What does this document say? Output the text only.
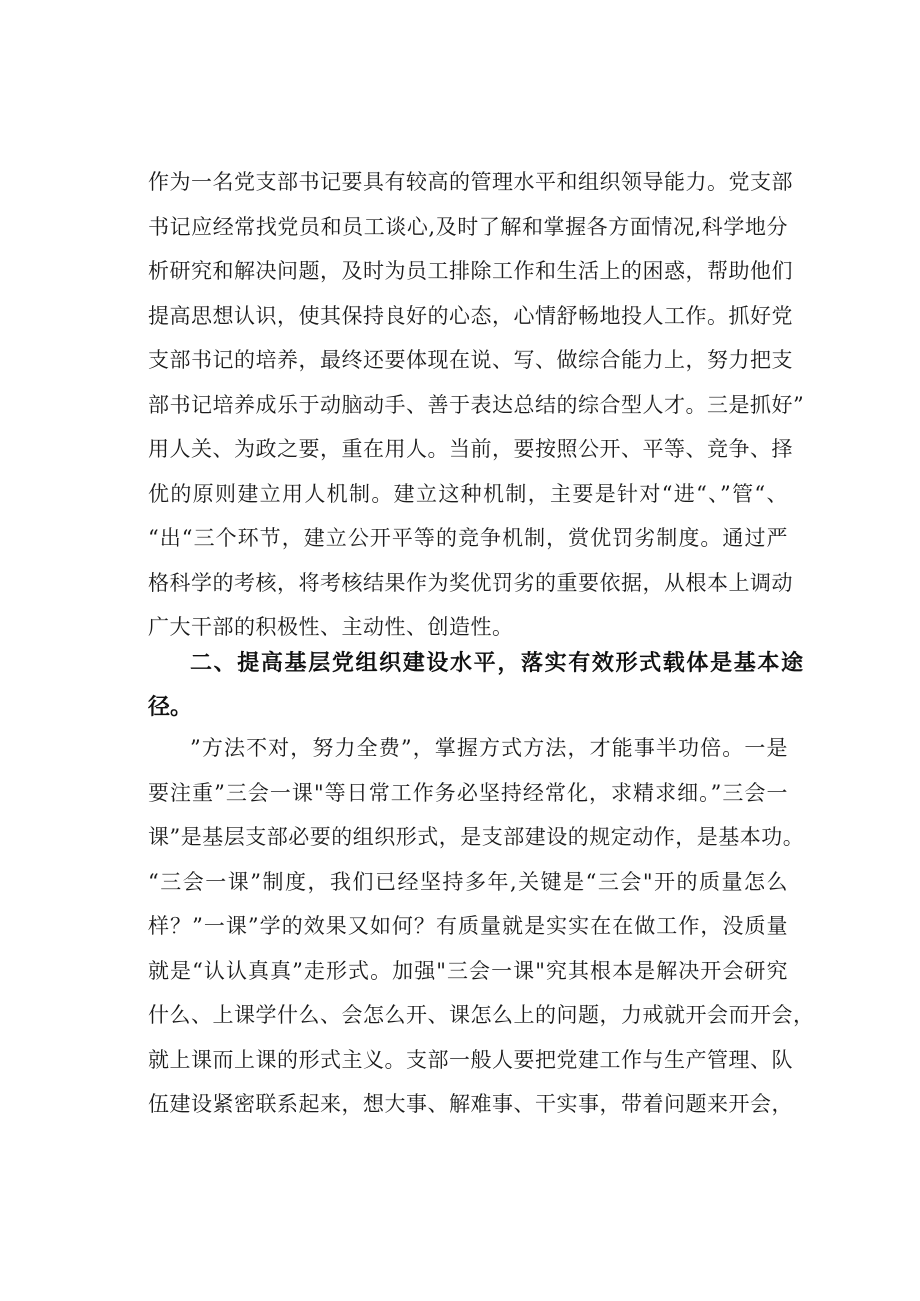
作为一名党支部书记要具有较高的管理水平和组织领导能力。党支部
书记应经常找党员和员工谈心,及时了解和掌握各方面情况,科学地分
析研究和解决问题，及时为员工排除工作和生活上的困惑，帮助他们
提高思想认识，使其保持良好的心态，心情舒畅地投人工作。抓好党
支部书记的培养，最终还要体现在说、写、做综合能力上，努力把支
部书记培养成乐于动脑动手、善于表达总结的综合型人才。三是抓好”
用人关、为政之要，重在用人。当前，要按照公开、平等、竞争、择
优的原则建立用人机制。建立这种机制，主要是针对“进“、”管“、
“出“三个环节，建立公开平等的竞争机制，赏优罚劣制度。通过严
格科学的考核，将考核结果作为奖优罚劣的重要依据，从根本上调动
广大干部的积极性、主动性、创造性。
二、提高基层党组织建设水平，落实有效形式载体是基本途
径。
”方法不对，努力全费”，掌握方式方法，才能事半功倍。一是
要注重”三会一课"等日常工作务必坚持经常化，求精求细。”三会一
课”是基层支部必要的组织形式，是支部建设的规定动作，是基本功。
“三会一课”制度，我们已经坚持多年,关键是“三会"开的质量怎么
样？”一课”学的效果又如何？有质量就是实实在在做工作，没质量
就是“认认真真”走形式。加强"三会一课"究其根本是解决开会研究
什么、上课学什么、会怎么开、课怎么上的问题，力戒就开会而开会，
就上课而上课的形式主义。支部一般人要把党建工作与生产管理、队
伍建设紧密联系起来，想大事、解难事、干实事，带着问题来开会，
